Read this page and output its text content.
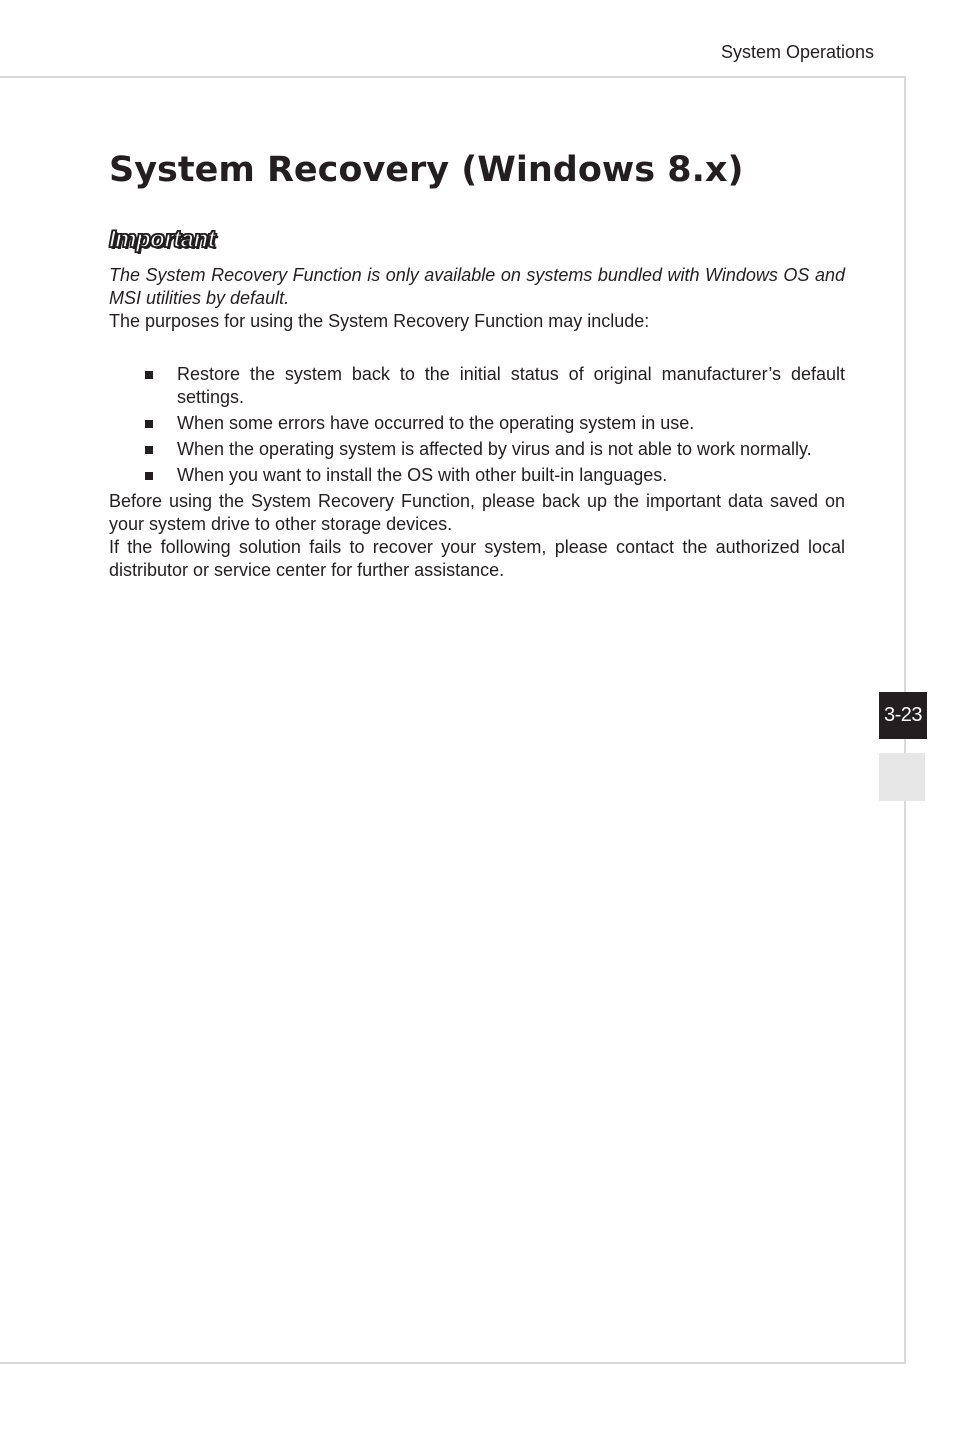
System Operations
System Recovery (Windows 8.x)
Important
The System Recovery Function is only available on systems bundled with Windows OS and MSI utilities by default.

The purposes for using the System Recovery Function may include:

Restore the system back to the initial status of original manufacturer’s default settings.
When some errors have occurred to the operating system in use.
When the operating system is affected by virus and is not able to work normally.
When you want to install the OS with other built-in languages.

Before using the System Recovery Function, please back up the important data saved on your system drive to other storage devices.

If the following solution fails to recover your system, please contact the authorized local distributor or service center for further assistance.

3-23
